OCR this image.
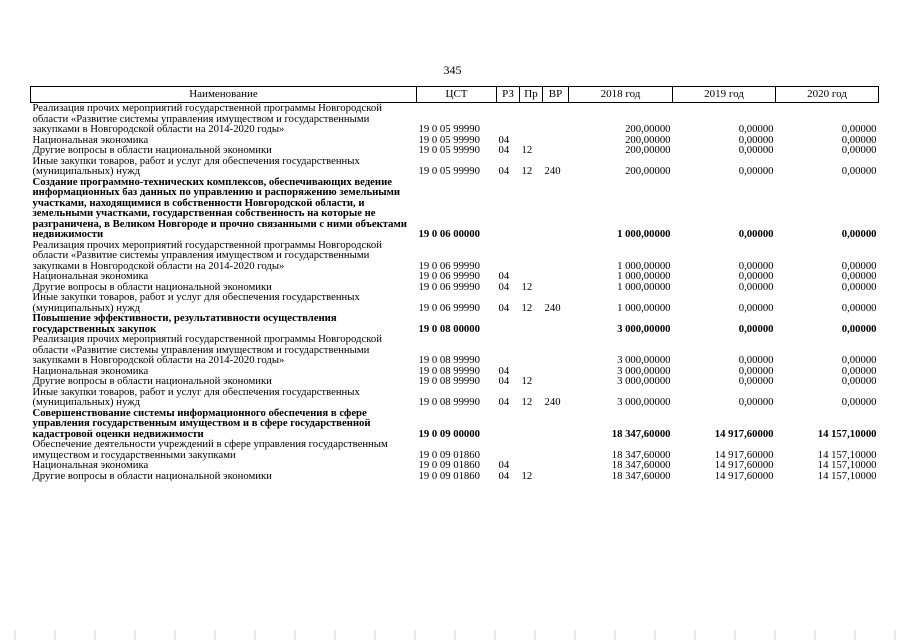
345
Наименование	ЦСТ	РЗ	Пр	ВР	2018 год	2019 год	2020 год
Реализация прочих мероприятий государственной программы Новгородской области «Развитие системы управления имуществом и государственными закупками в Новгородской области на 2014-2020 годы»	19 0 05 99990				200,00000	0,00000	0,00000
Национальная экономика	19 0 05 99990	04			200,00000	0,00000	0,00000
Другие вопросы в области национальной экономики	19 0 05 99990	04	12		200,00000	0,00000	0,00000
Иные закупки товаров, работ и услуг для обеспечения государственных (муниципальных) нужд	19 0 05 99990	04	12	240	200,00000	0,00000	0,00000
Создание программно-технических комплексов, обеспечивающих ведение информационных баз данных по управлению и распоряжению земельными участками, находящимися в собственности Новгородской области, и земельными участками, государственная собственность на которые не разграничена, в Великом Новгороде и прочно связанными с ними объектами недвижимости	19 0 06 00000				1 000,00000	0,00000	0,00000
Реализация прочих мероприятий государственной программы Новгородской области «Развитие системы управления имуществом и государственными закупками в Новгородской области на 2014-2020 годы»	19 0 06 99990				1 000,00000	0,00000	0,00000
Национальная экономика	19 0 06 99990	04			1 000,00000	0,00000	0,00000
Другие вопросы в области национальной экономики	19 0 06 99990	04	12		1 000,00000	0,00000	0,00000
Иные закупки товаров, работ и услуг для обеспечения государственных (муниципальных) нужд	19 0 06 99990	04	12	240	1 000,00000	0,00000	0,00000
Повышение эффективности, результативности осуществления государственных закупок	19 0 08 00000				3 000,00000	0,00000	0,00000
Реализация прочих мероприятий государственной программы Новгородской области «Развитие системы управления имуществом и государственными закупками в Новгородской области на 2014-2020 годы»	19 0 08 99990				3 000,00000	0,00000	0,00000
Национальная экономика	19 0 08 99990	04			3 000,00000	0,00000	0,00000
Другие вопросы в области национальной экономики	19 0 08 99990	04	12		3 000,00000	0,00000	0,00000
Иные закупки товаров, работ и услуг для обеспечения государственных (муниципальных) нужд	19 0 08 99990	04	12	240	3 000,00000	0,00000	0,00000
Совершенствование системы информационного обеспечения в сфере управления государственным имуществом и в сфере государственной кадастровой оценки недвижимости	19 0 09 00000				18 347,60000	14 917,60000	14 157,10000
Обеспечение деятельности учреждений в сфере управления государственным имуществом и государственными закупками	19 0 09 01860				18 347,60000	14 917,60000	14 157,10000
Национальная экономика	19 0 09 01860	04			18 347,60000	14 917,60000	14 157,10000
Другие вопросы в области национальной экономики	19 0 09 01860	04	12		18 347,60000	14 917,60000	14 157,10000
